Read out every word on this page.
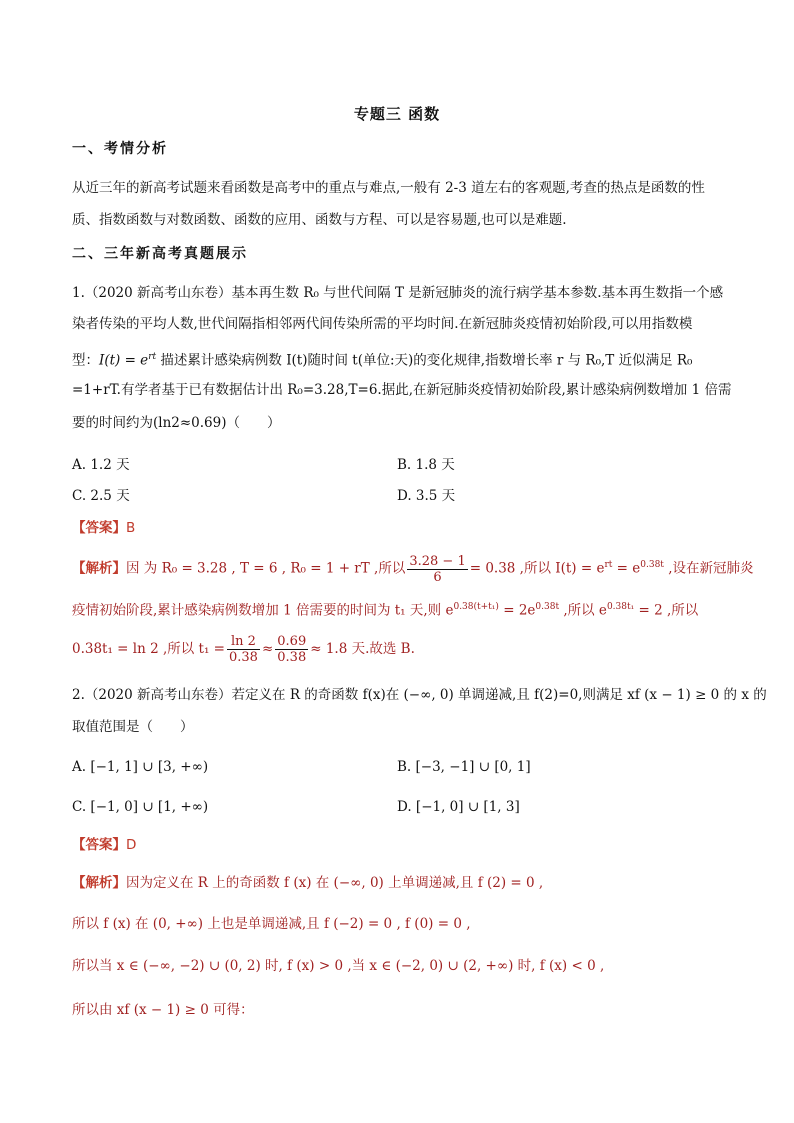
专题三 函数
一、考情分析
从近三年的新高考试题来看函数是高考中的重点与难点,一般有 2-3 道左右的客观题,考查的热点是函数的性
质、指数函数与对数函数、函数的应用、函数与方程、可以是容易题,也可以是难题.
二、三年新高考真题展示
1.（2020 新高考山东卷）基本再生数 R₀ 与世代间隔 T 是新冠肺炎的流行病学基本参数.基本再生数指一个感
染者传染的平均人数,世代间隔指相邻两代间传染所需的平均时间.在新冠肺炎疫情初始阶段,可以用指数模
型：$I(t) = e^{rt}$ 描述累计感染病例数 I(t)随时间 t(单位:天)的变化规律,指数增长率 r 与 R₀,T 近似满足 R₀
=1+rT.有学者基于已有数据估计出 R₀=3.28,T=6.据此,在新冠肺炎疫情初始阶段,累计感染病例数增加 1 倍需
要的时间约为(ln2≈0.69)（　　）
A. 1.2 天	B. 1.8 天
C. 2.5 天	D. 3.5 天
【答案】B
【解析】因 为 R₀ = 3.28 , T = 6 , R₀ = 1 + rT ,所以 $\frac{3.28 - 1}{6} = 0.38$ ,所以 $I(t) = e^{rt} = e^{0.38t}$ ,设在新冠肺炎
疫情初始阶段,累计感染病例数增加 1 倍需要的时间为 t₁ 天,则 $e^{0.38(t+t_1)} = 2e^{0.38t}$ ,所以 $e^{0.38t_1} = 2$ ,所以
0.38t₁ = ln 2 ,所以 $t_1 = \frac{\ln 2}{0.38} \approx \frac{0.69}{0.38} \approx 1.8$ 天.故选 B.
2.（2020 新高考山东卷）若定义在 R 的奇函数 f(x)在 (−∞, 0) 单调递减,且 f(2)=0,则满足 xf (x − 1) ≥ 0 的 x 的
取值范围是（　　）
A. [−1, 1] ∪ [3, +∞)	B. [−3, −1] ∪ [0, 1]
C. [−1, 0] ∪ [1, +∞)	D. [−1, 0] ∪ [1, 3]
【答案】D
【解析】因为定义在 R 上的奇函数 f (x) 在 (−∞, 0) 上单调递减,且 f (2) = 0 ,
所以 f (x) 在 (0, +∞) 上也是单调递减,且 f (−2) = 0 , f (0) = 0 ,
所以当 x ∈ (−∞, −2) ∪ (0, 2) 时, f (x) > 0 ,当 x ∈ (−2, 0) ∪ (2, +∞) 时, f (x) < 0 ,
所以由 xf (x − 1) ≥ 0 可得：
